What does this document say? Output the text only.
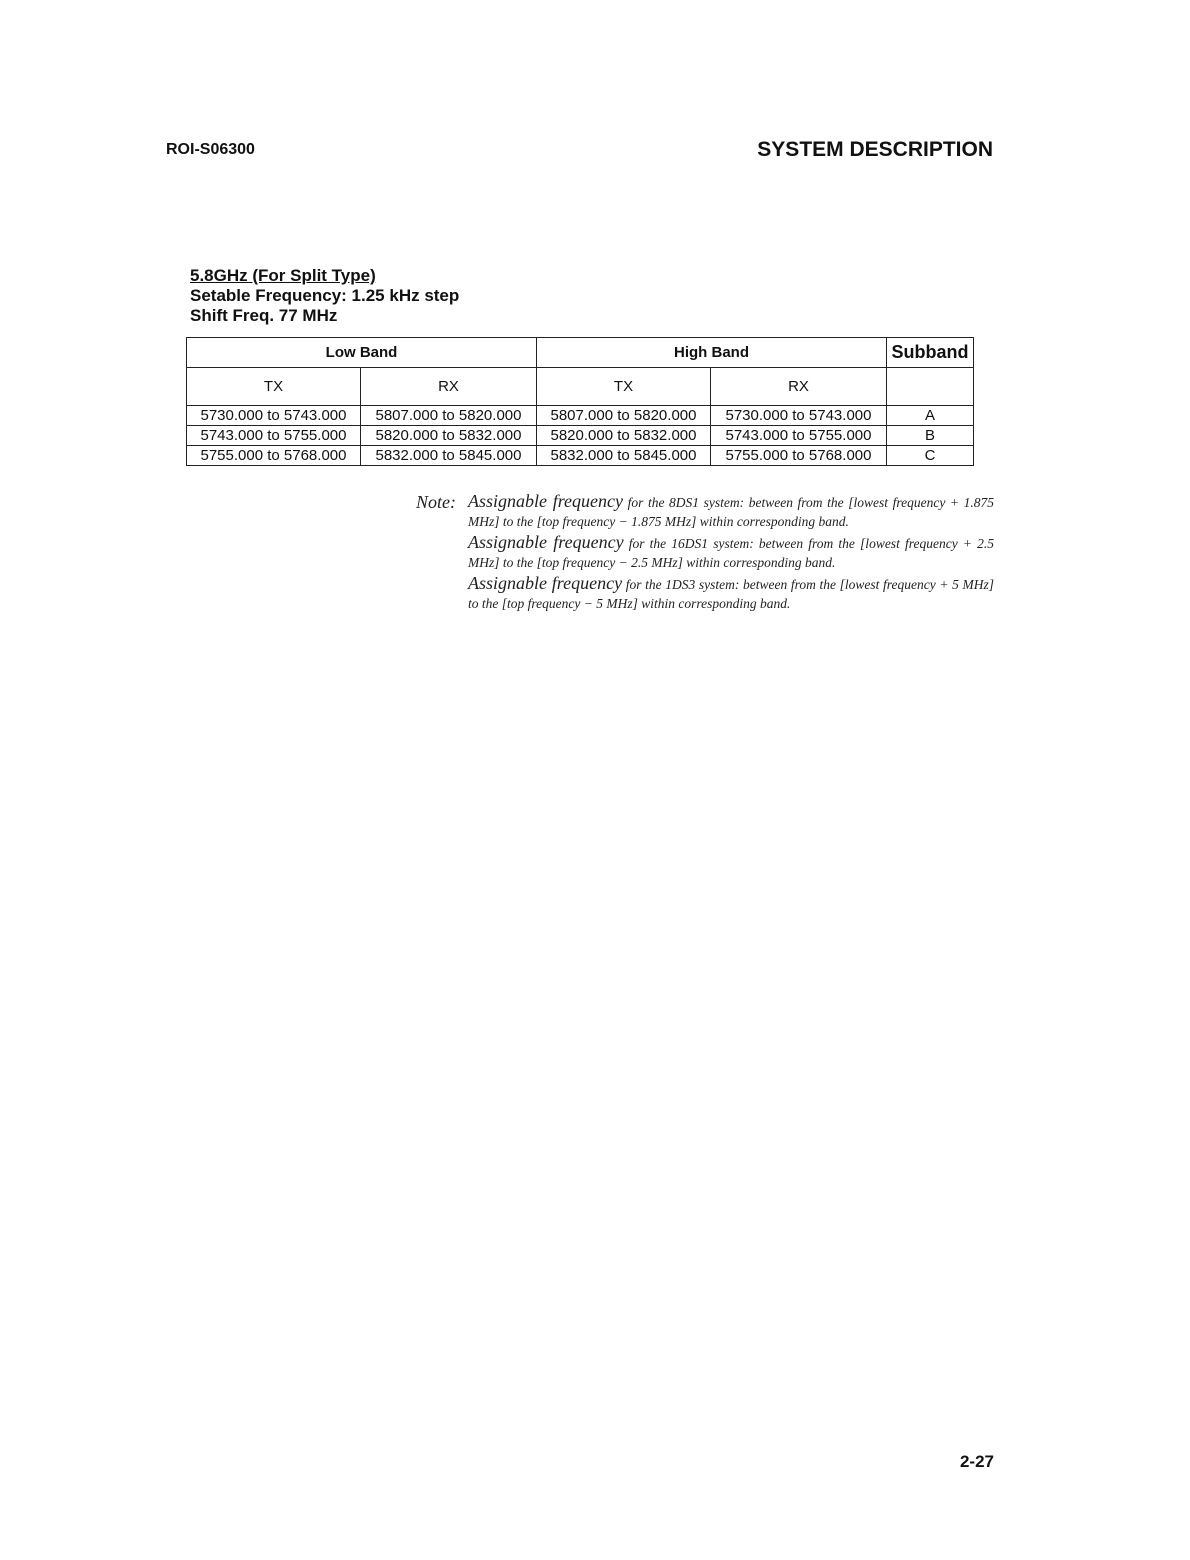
ROI-S06300	SYSTEM DESCRIPTION
5.8GHz (For Split Type)
Setable Frequency: 1.25 kHz step
Shift Freq. 77 MHz
Low Band		High Band		Subband
TX	RX	TX	RX	
5730.000 to 5743.000	5807.000 to 5820.000	5807.000 to 5820.000	5730.000 to 5743.000	A
5743.000 to 5755.000	5820.000 to 5832.000	5820.000 to 5832.000	5743.000 to 5755.000	B
5755.000 to 5768.000	5832.000 to 5845.000	5832.000 to 5845.000	5755.000 to 5768.000	C
Note: Assignable frequency for the 8DS1 system: between from the [lowest frequency + 1.875 MHz] to the [top frequency − 1.875 MHz] within corresponding band.

Assignable frequency for the 16DS1 system: between from the [lowest frequency + 2.5 MHz] to the [top frequency − 2.5 MHz] within corresponding band.

Assignable frequency for the 1DS3 system: between from the [lowest frequency + 5 MHz] to the [top frequency − 5 MHz] within corresponding band.

2-27
